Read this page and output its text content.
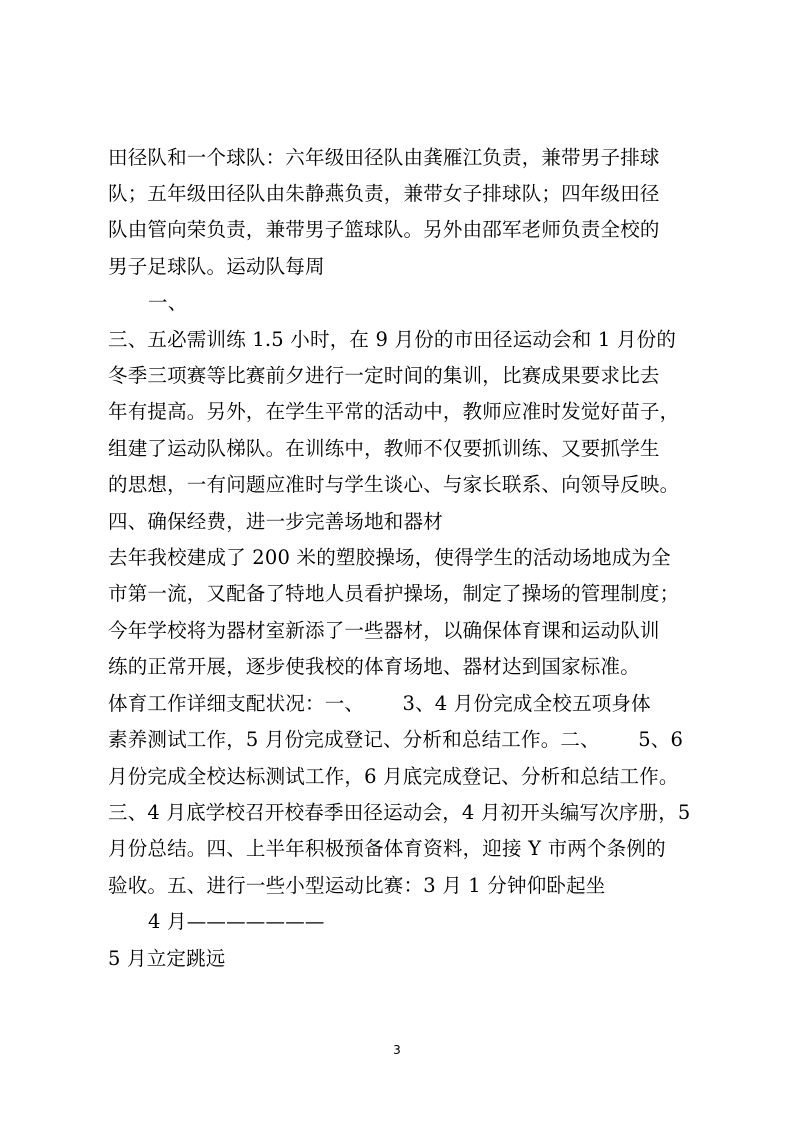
田径队和一个球队：六年级田径队由龚雁江负责，兼带男子排球
队；五年级田径队由朱静燕负责，兼带女子排球队；四年级田径
队由管向荣负责，兼带男子篮球队。另外由邵军老师负责全校的
男子足球队。运动队每周
一、
三、五必需训练 1.5 小时，在 9 月份的市田径运动会和 1 月份的
冬季三项赛等比赛前夕进行一定时间的集训，比赛成果要求比去
年有提高。另外，在学生平常的活动中，教师应准时发觉好苗子，
组建了运动队梯队。在训练中，教师不仅要抓训练、又要抓学生
的思想，一有问题应准时与学生谈心、与家长联系、向领导反映。
四、确保经费，进一步完善场地和器材
去年我校建成了 200 米的塑胶操场，使得学生的活动场地成为全
市第一流，又配备了特地人员看护操场，制定了操场的管理制度；
今年学校将为器材室新添了一些器材，以确保体育课和运动队训
练的正常开展，逐步使我校的体育场地、器材达到国家标准。
体育工作详细支配状况：一、      3、4 月份完成全校五项身体
素养测试工作，5 月份完成登记、分析和总结工作。二、      5、6
月份完成全校达标测试工作，6 月底完成登记、分析和总结工作。
三、4 月底学校召开校春季田径运动会，4 月初开头编写次序册，5
月份总结。四、上半年积极预备体育资料，迎接 Y 市两个条例的
验收。五、进行一些小型运动比赛：3 月 1 分钟仰卧起坐
4 月———————
5 月立定跳远
3
